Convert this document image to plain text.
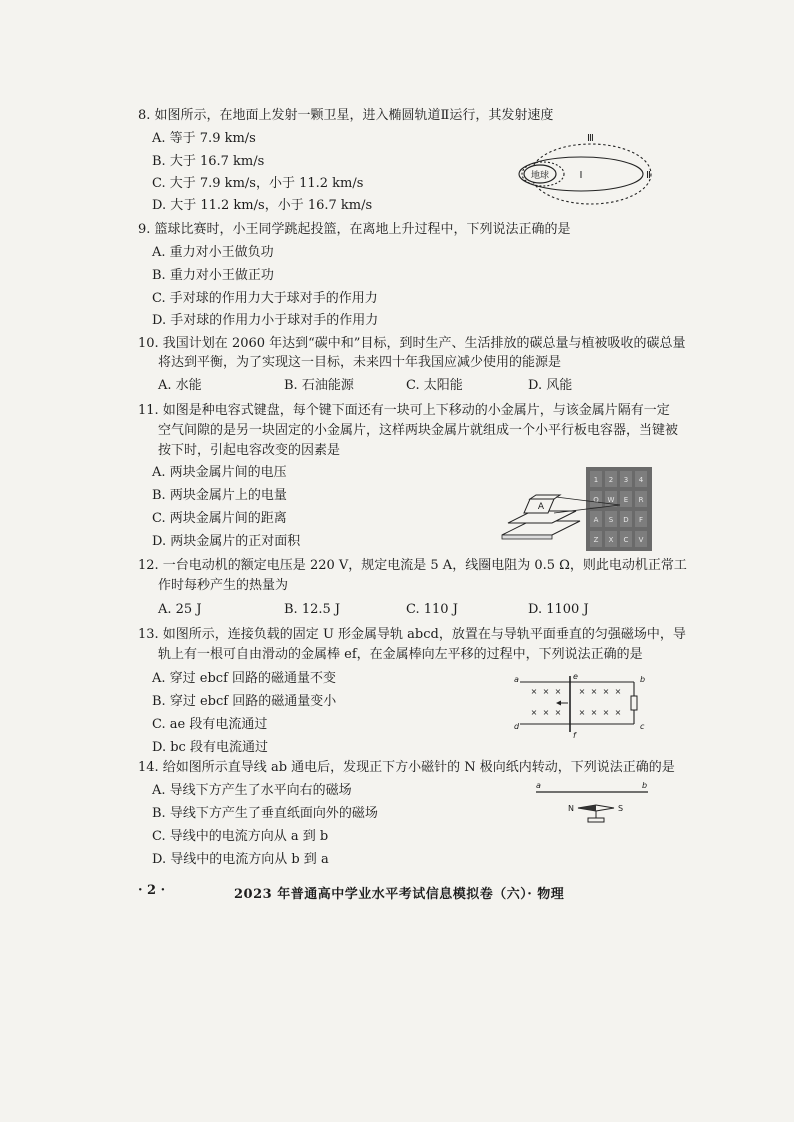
8. 如图所示，在地面上发射一颗卫星，进入椭圆轨道Ⅱ运行，其发射速度
A. 等于 7.9 km/s
B. 大于 16.7 km/s
C. 大于 7.9 km/s，小于 11.2 km/s
D. 大于 11.2 km/s，小于 16.7 km/s
地球	Ⅰ	Ⅱ
Ⅲ
9. 篮球比赛时，小王同学跳起投篮，在离地上升过程中，下列说法正确的是
A. 重力对小王做负功
B. 重力对小王做正功
C. 手对球的作用力大于球对手的作用力
D. 手对球的作用力小于球对手的作用力
10. 我国计划在 2060 年达到“碳中和”目标，到时生产、生活排放的碳总量与植被吸收的碳总量
将达到平衡，为了实现这一目标，未来四十年我国应减少使用的能源是
A. 水能	B. 石油能源	C. 太阳能	D. 风能
11. 如图是种电容式键盘，每个键下面还有一块可上下移动的小金属片，与该金属片隔有一定
空气间隙的是另一块固定的小金属片，这样两块金属片就组成一个小平行板电容器，当键被
按下时，引起电容改变的因素是
A. 两块金属片间的电压
B. 两块金属片上的电量
C. 两块金属片间的距离
D. 两块金属片的正对面积
1 2 3 4
Q W E R
A S D F
Z X C V
A
12. 一台电动机的额定电压是 220 V，规定电流是 5 A，线圈电阻为 0.5 Ω，则此电动机正常工
作时每秒产生的热量为
A. 25 J	B. 12.5 J	C. 110 J	D. 1100 J
13. 如图所示，连接负载的固定 U 形金属导轨 abcd，放置在与导轨平面垂直的匀强磁场中，导
轨上有一根可自由滑动的金属棒 ef，在金属棒向左平移的过程中，下列说法正确的是
A. 穿过 ebcf 回路的磁通量不变
B. 穿过 ebcf 回路的磁通量变小
C. ae 段有电流通过
D. bc 段有电流通过
× × × × × × ×
× × × × × × ×
a	b
c
d
e
f
14. 给如图所示直导线 ab 通电后，发现正下方小磁针的 N 极向纸内转动，下列说法正确的是
A. 导线下方产生了水平向右的磁场
B. 导线下方产生了垂直纸面向外的磁场
C. 导线中的电流方向从 a 到 b
D. 导线中的电流方向从 b 到 a
a	b
N	S
· 2 ·	2023 年普通高中学业水平考试信息模拟卷（六）· 物理
